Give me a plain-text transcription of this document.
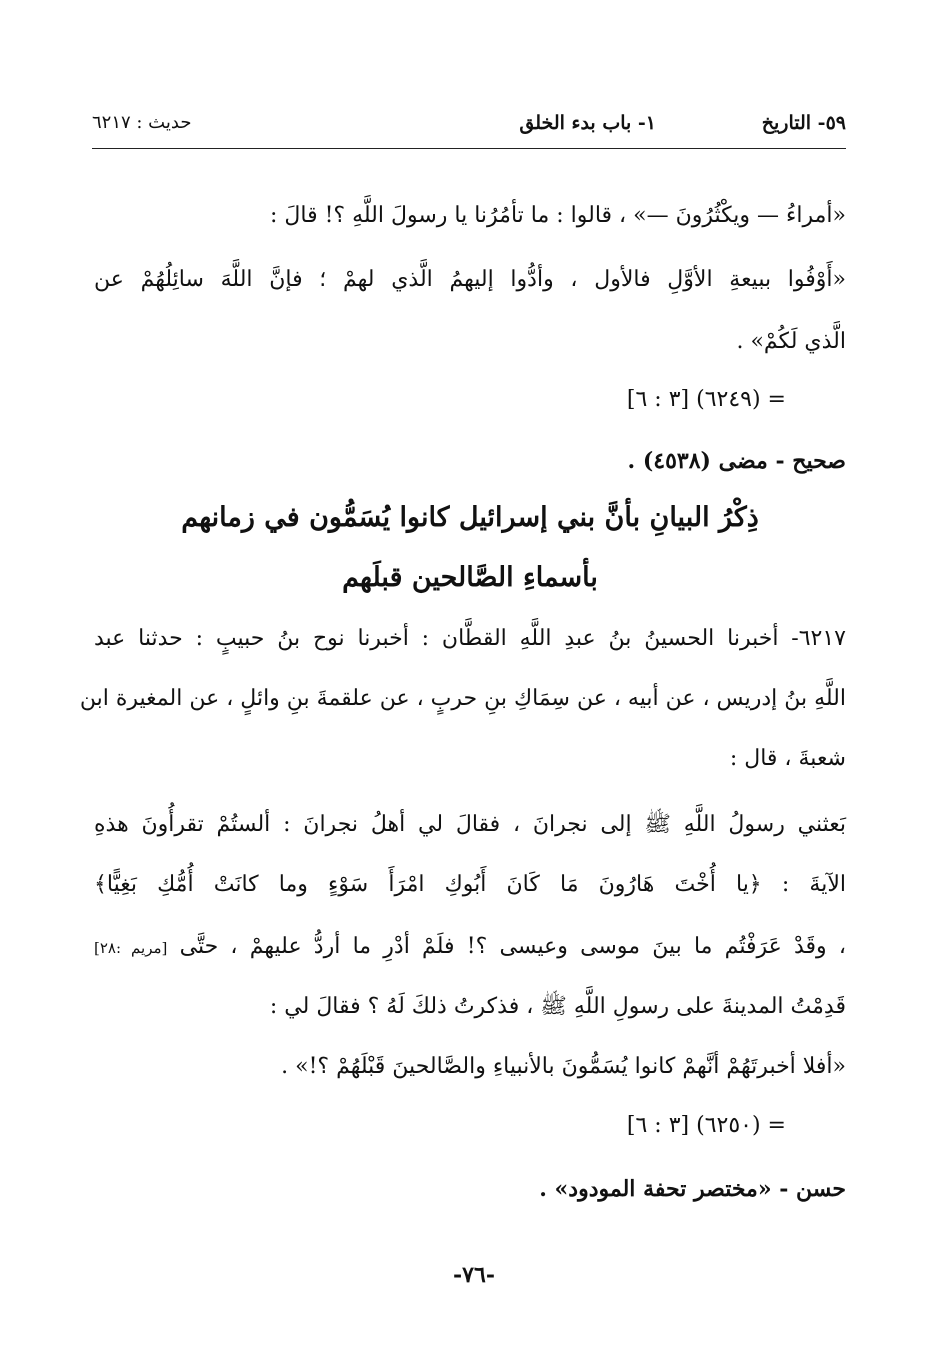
٥٩- التاريخ
١- باب بدء الخلق
حديث : ٦٢١٧
«أمراءُ — ويكْثُرُونَ —» ، قالوا : ما تأمُرُنا يا رسولَ اللَّهِ ؟! قالَ :
«أَوْفُوا ببيعةِ الأوَّلِ فالأول ، وأدُّوا إليهمُ الَّذي لهمْ ؛ فإنَّ اللَّهَ سائِلُهُمْ عن
الَّذي لَكُمْ» .
= (٦٢٤٩) [٣ : ٦]
صحيح - مضى (٤٥٣٨) .
ذِكْرُ البيانِ بأنَّ بني إسرائيل كانوا يُسَمُّون في زمانهم
بأسماءِ الصَّالحين قبلَهم
٦٢١٧- أخبرنا الحسينُ بنُ عبدِ اللَّهِ القطَّان : أخبرنا نوح بنُ حبيبٍ : حدثنا عبد
اللَّهِ بنُ إدريس ، عن أبيه ، عن سِمَاكِ بنِ حربٍ ، عن علقمةَ بنِ وائلٍ ، عن المغيرة ابن
شعبةَ ، قال :
بَعثني رسولُ اللَّهِ ﷺ إلى نجرانَ ، فقالَ لي أهلُ نجرانَ : ألستُمْ تقرأُونَ هذهِ
الآيةَ : ﴿يا أُخْتَ هَارُونَ مَا كَانَ أَبُوكِ امْرَأَ سَوْءٍ وما كانَتْ أُمُّكِ بَغِيًّا﴾
، وقَدْ عَرَفْتُم ما بينَ موسى وعيسى ؟! فلَمْ أدْرِ ما أردُّ عليهمْ ، حتَّى [مريم :٢٨]
قَدِمْتُ المدينةَ على رسولِ اللَّهِ ﷺ ، فذكرتُ ذلكَ لَهُ ؟ فقالَ لي :
«أفلا أخبرتَهُمْ أنَّهمْ كانوا يُسَمُّونَ بالأنبياءِ والصَّالحينَ قَبْلَهُمْ ؟!» .
= (٦٢٥٠) [٣ : ٦]
حسن - «مختصر تحفة المودود» .
-٧٦-
